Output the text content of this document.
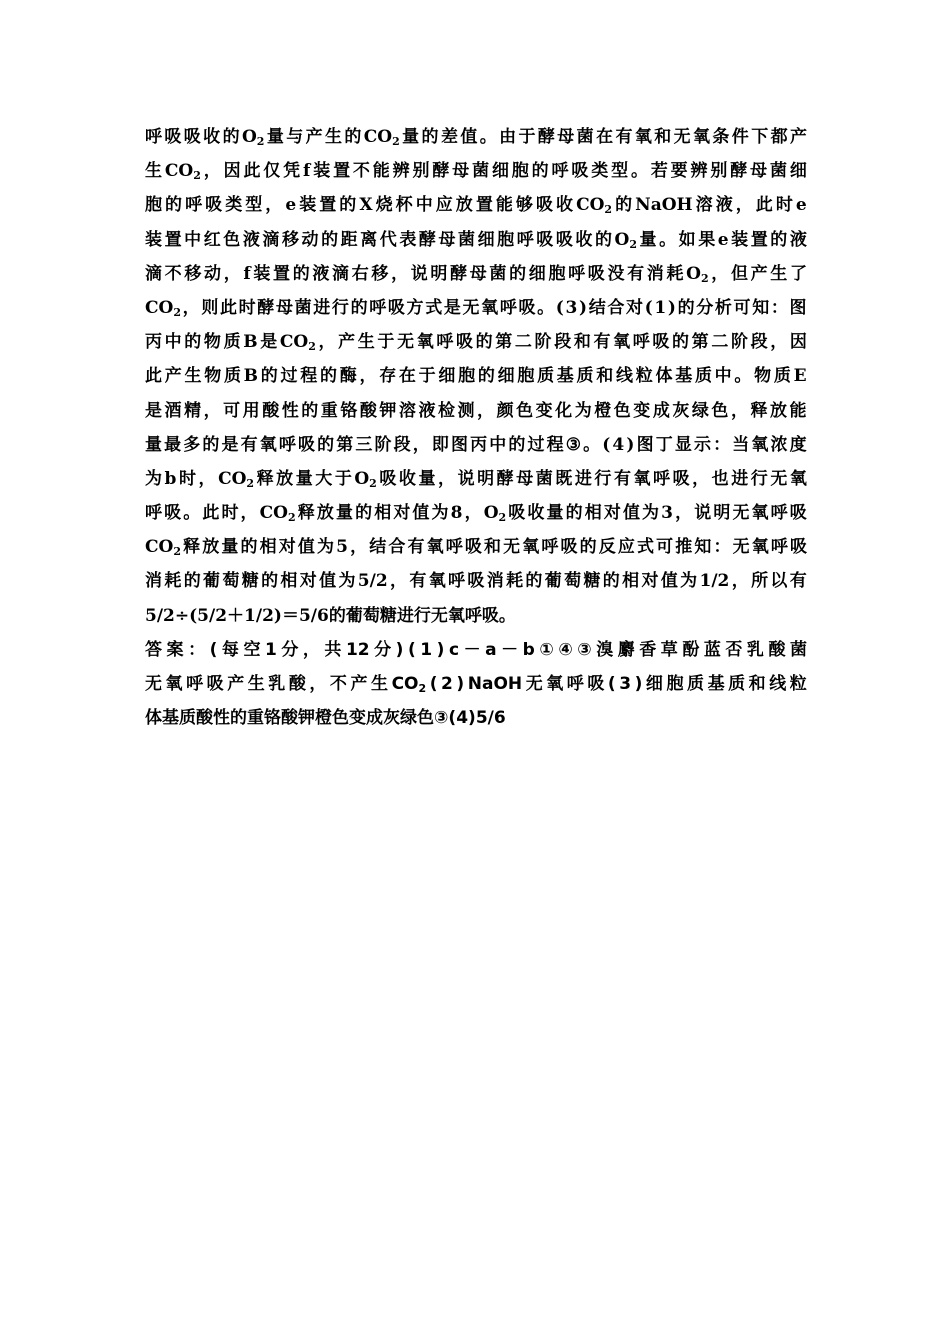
呼 吸 吸 收 的 $O_2$ 量 与 产 生 的 $CO_2$ 量 的 差 值 。 由 于 酵 母 菌 在 有 氧 和 无 氧 条 件 下 都 产
生 $CO_2$ ， 因 此 仅 凭 f 装 置 不 能 辨 别 酵 母 菌 细 胞 的 呼 吸 类 型 。 若 要 辨 别 酵 母 菌 细
胞 的 呼 吸 类 型 ， e 装 置 的 X 烧 杯 中 应 放 置 能 够 吸 收 $CO_2$ 的 NaOH 溶 液 ， 此 时 e
装 置 中 红 色 液 滴 移 动 的 距 离 代 表 酵 母 菌 细 胞 呼 吸 吸 收 的 $O_2$ 量 。 如 果 e 装 置 的 液
滴 不 移 动 ， f 装 置 的 液 滴 右 移 ， 说 明 酵 母 菌 的 细 胞 呼 吸 没 有 消 耗 $O_2$ ， 但 产 生 了
$CO_2$ ， 则 此 时 酵 母 菌 进 行 的 呼 吸 方 式 是 无 氧 呼 吸 。 ( 3 ) 结 合 对 ( 1 ) 的 分 析 可 知 ： 图
丙 中 的 物 质 B 是 $CO_2$ ， 产 生 于 无 氧 呼 吸 的 第 二 阶 段 和 有 氧 呼 吸 的 第 二 阶 段 ， 因
此 产 生 物 质 B 的 过 程 的 酶 ， 存 在 于 细 胞 的 细 胞 质 基 质 和 线 粒 体 基 质 中 。 物 质 E
是 酒 精 ， 可 用 酸 性 的 重 铬 酸 钾 溶 液 检 测 ， 颜 色 变 化 为 橙 色 变 成 灰 绿 色 ， 释 放 能
量 最 多 的 是 有 氧 呼 吸 的 第 三 阶 段 ， 即 图 丙 中 的 过 程 ③ 。 ( 4 ) 图 丁 显 示 ： 当 氧 浓 度
为 b 时 ， $CO_2$ 释 放 量 大 于 $O_2$ 吸 收 量 ， 说 明 酵 母 菌 既 进 行 有 氧 呼 吸 ， 也 进 行 无 氧
呼 吸 。 此 时 ， $CO_2$ 释 放 量 的 相 对 值 为 8 ， $O_2$ 吸 收 量 的 相 对 值 为 3 ， 说 明 无 氧 呼 吸
$CO_2$ 释 放 量 的 相 对 值 为 5 ， 结 合 有 氧 呼 吸 和 无 氧 呼 吸 的 反 应 式 可 推 知 ： 无 氧 呼 吸
消 耗 的 葡 萄 糖 的 相 对 值 为 5/2 ， 有 氧 呼 吸 消 耗 的 葡 萄 糖 的 相 对 值 为 1/2 ， 所 以 有
5/2÷(5/2＋1/2)＝5/6的葡萄糖进行无氧呼吸。
答 案 ： ( 每 空 1 分 ， 共 12 分 ) ( 1 ) c － a － b ① ④ ③ 溴 麝 香 草 酚 蓝 否 乳 酸 菌
无 氧 呼 吸 产 生 乳 酸 ， 不 产 生 $CO_2$ ( 2 ) NaOH 无 氧 呼 吸 ( 3 ) 细 胞 质 基 质 和 线 粒
体基质酸性的重铬酸钾橙色变成灰绿色③(4)5/6
